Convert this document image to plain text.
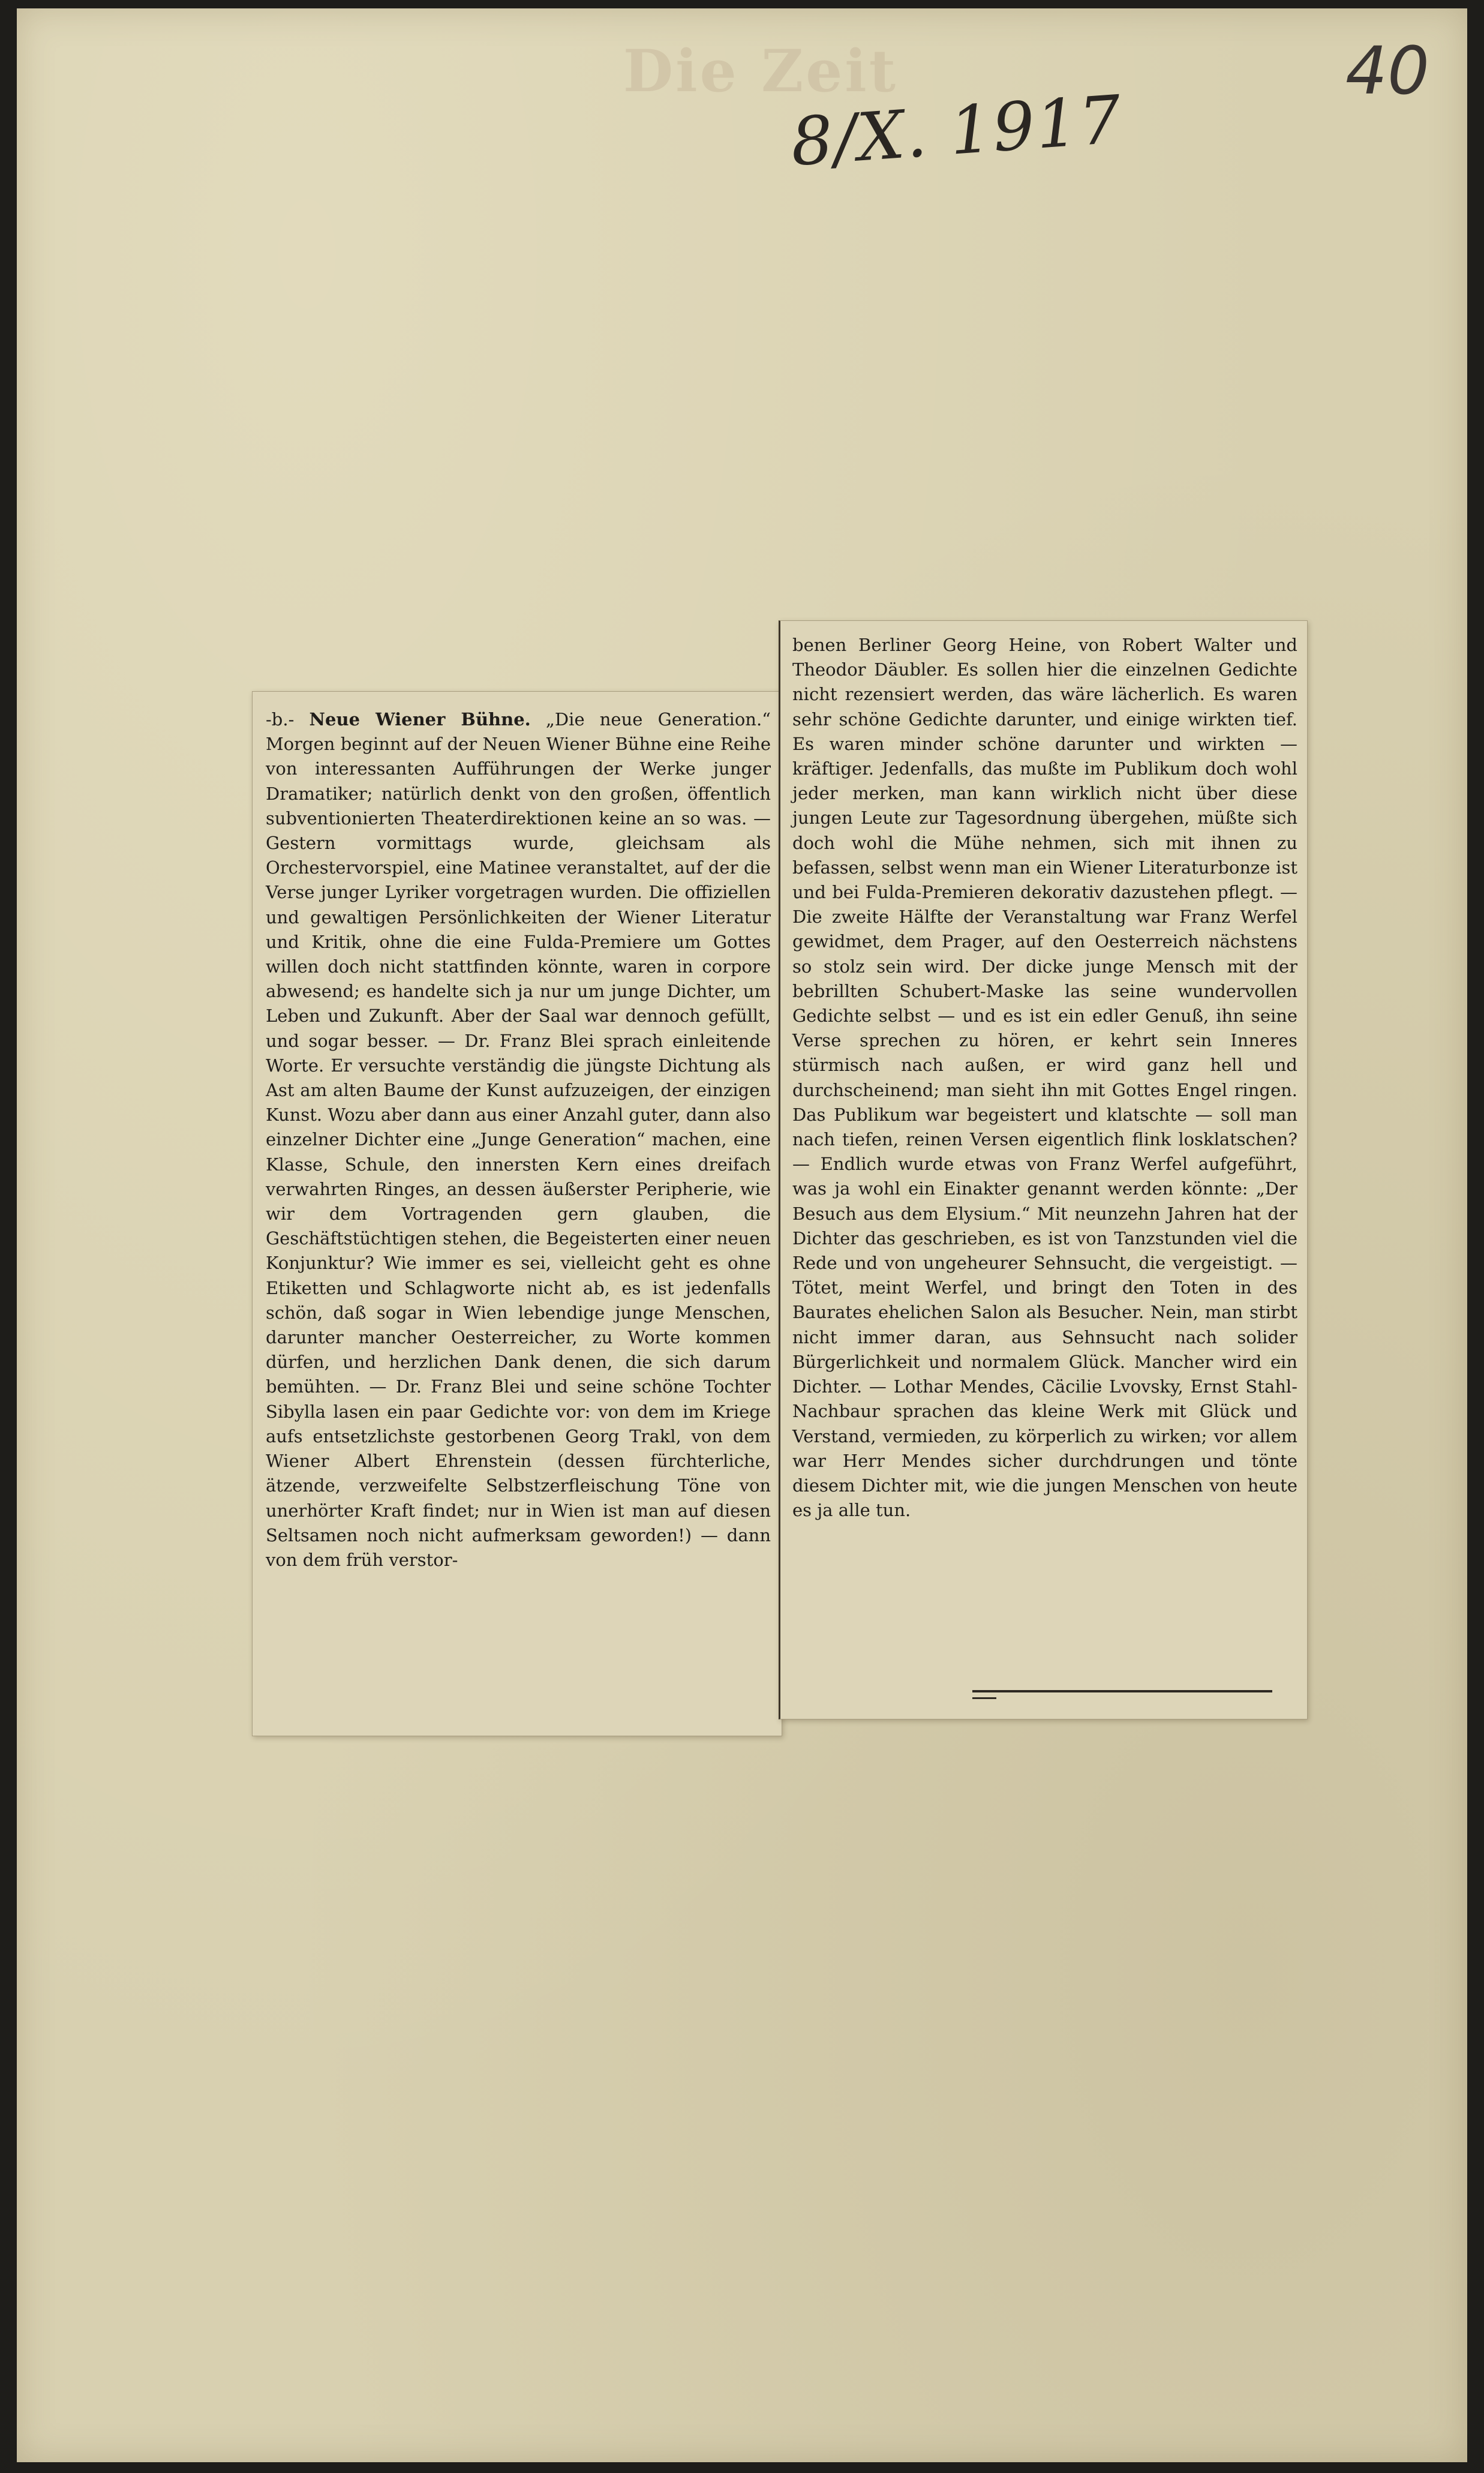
Die Zeit
8/X. 1917
40

-b.- Neue Wiener Bühne. „Die neue Generation.“ Morgen beginnt auf der Neuen Wiener Bühne eine Reihe von interessanten Aufführungen der Werke junger Dramatiker; natürlich denkt von den großen, öffentlich subventionierten Theaterdirektionen keine an so was. — Gestern vormittags wurde, gleichsam als Orchestervorspiel, eine Matinee veranstaltet, auf der die Verse junger Lyriker vorgetragen wurden. Die offiziellen und gewaltigen Persönlichkeiten der Wiener Literatur und Kritik, ohne die eine Fulda-Premiere um Gottes willen doch nicht stattfinden könnte, waren in corpore abwesend; es handelte sich ja nur um junge Dichter, um Leben und Zukunft. Aber der Saal war dennoch gefüllt, und sogar besser. — Dr. Franz Blei sprach einleitende Worte. Er versuchte verständig die jüngste Dichtung als Ast am alten Baume der Kunst aufzuzeigen, der einzigen Kunst. Wozu aber dann aus einer Anzahl guter, dann also einzelner Dichter eine „Junge Generation“ machen, eine Klasse, Schule, den innersten Kern eines dreifach verwahrten Ringes, an dessen äußerster Peripherie, wie wir dem Vortragenden gern glauben, die Geschäftstüchtigen stehen, die Begeisterten einer neuen Konjunktur? Wie immer es sei, vielleicht geht es ohne Etiketten und Schlagworte nicht ab, es ist jedenfalls schön, daß sogar in Wien lebendige junge Menschen, darunter mancher Oesterreicher, zu Worte kommen dürfen, und herzlichen Dank denen, die sich darum bemühten. — Dr. Franz Blei und seine schöne Tochter Sibylla lasen ein paar Gedichte vor: von dem im Kriege aufs entsetzlichste gestorbenen Georg Trakl, von dem Wiener Albert Ehrenstein (dessen fürchterliche, ätzende, verzweifelte Selbstzerfleischung Töne von unerhörter Kraft findet; nur in Wien ist man auf diesen Seltsamen noch nicht aufmerksam geworden!) — dann von dem früh verstor-

benen Berliner Georg Heine, von Robert Walter und Theodor Däubler. Es sollen hier die einzelnen Gedichte nicht rezensiert werden, das wäre lächerlich. Es waren sehr schöne Gedichte darunter, und einige wirkten tief. Es waren minder schöne darunter und wirkten — kräftiger. Jedenfalls, das mußte im Publikum doch wohl jeder merken, man kann wirklich nicht über diese jungen Leute zur Tagesordnung übergehen, müßte sich doch wohl die Mühe nehmen, sich mit ihnen zu befassen, selbst wenn man ein Wiener Literaturbonze ist und bei Fulda-Premieren dekorativ dazustehen pflegt. — Die zweite Hälfte der Veranstaltung war Franz Werfel gewidmet, dem Prager, auf den Oesterreich nächstens so stolz sein wird. Der dicke junge Mensch mit der bebrillten Schubert-Maske las seine wundervollen Gedichte selbst — und es ist ein edler Genuß, ihn seine Verse sprechen zu hören, er kehrt sein Inneres stürmisch nach außen, er wird ganz hell und durchscheinend; man sieht ihn mit Gottes Engel ringen. Das Publikum war begeistert und klatschte — soll man nach tiefen, reinen Versen eigentlich flink losklatschen? — Endlich wurde etwas von Franz Werfel aufgeführt, was ja wohl ein Einakter genannt werden könnte: „Der Besuch aus dem Elysium.“ Mit neunzehn Jahren hat der Dichter das geschrieben, es ist von Tanzstunden viel die Rede und von ungeheurer Sehnsucht, die vergeistigt. — Tötet, meint Werfel, und bringt den Toten in des Baurates ehelichen Salon als Besucher. Nein, man stirbt nicht immer daran, aus Sehnsucht nach solider Bürgerlichkeit und normalem Glück. Mancher wird ein Dichter. — Lothar Mendes, Cäcilie Lvovsky, Ernst Stahl-Nachbaur sprachen das kleine Werk mit Glück und Verstand, vermieden, zu körperlich zu wirken; vor allem war Herr Mendes sicher durchdrungen und tönte diesem Dichter mit, wie die jungen Menschen von heute es ja alle tun.
